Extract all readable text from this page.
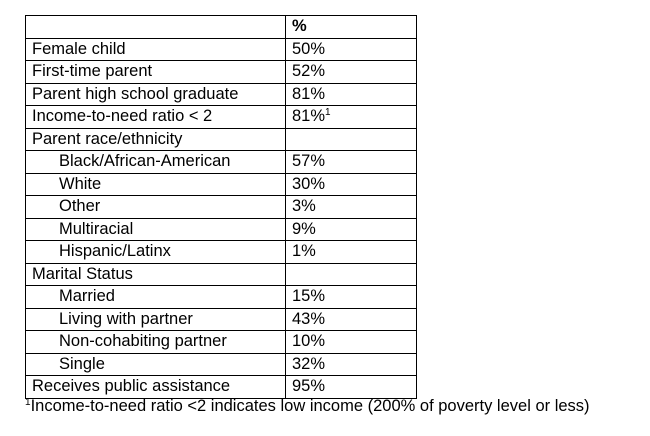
	%
Female child	50%
First-time parent	52%
Parent high school graduate	81%
Income-to-need ratio < 2	81%$^1$
Parent race/ethnicity	
Black/African-American	57%
White	30%
Other	3%
Multiracial	9%
Hispanic/Latinx	1%
Marital Status	
Married	15%
Living with partner	43%
Non-cohabiting partner	10%
Single	32%
Receives public assistance	95%
$^1$Income-to-need ratio <2 indicates low income (200% of poverty level or less)
